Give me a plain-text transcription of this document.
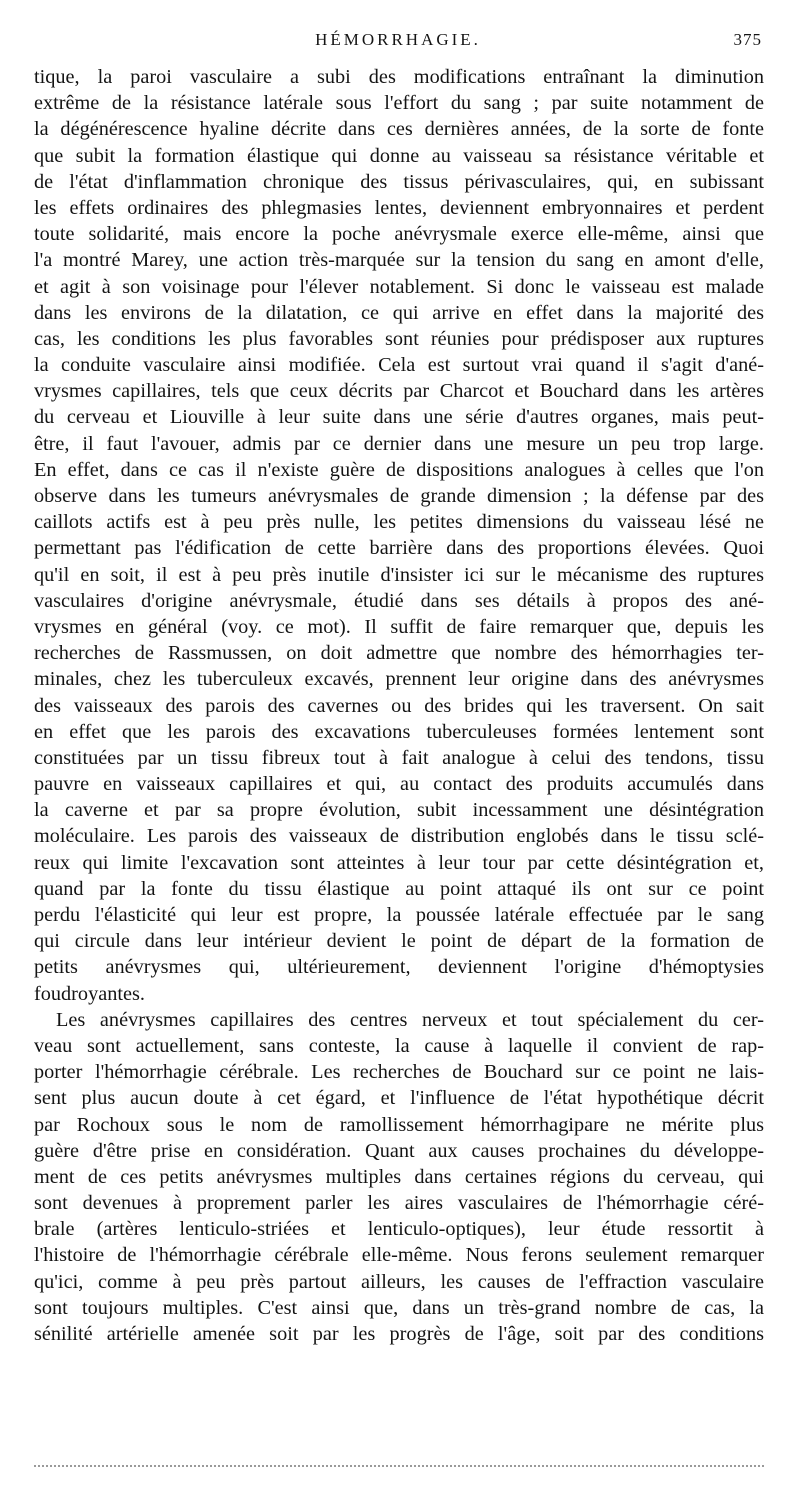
HÉMORRHAGIE.	375
tique, la paroi vasculaire a subi des modifications entraînant la diminution
extrême de la résistance latérale sous l'effort du sang ; par suite notamment de
la dégénérescence hyaline décrite dans ces dernières années, de la sorte de fonte
que subit la formation élastique qui donne au vaisseau sa résistance véritable et
de l'état d'inflammation chronique des tissus périvasculaires, qui, en subissant
les effets ordinaires des phlegmasies lentes, deviennent embryonnaires et perdent
toute solidarité, mais encore la poche anévrysmale exerce elle-même, ainsi que
l'a montré Marey, une action très-marquée sur la tension du sang en amont d'elle,
et agit à son voisinage pour l'élever notablement. Si donc le vaisseau est malade
dans les environs de la dilatation, ce qui arrive en effet dans la majorité des
cas, les conditions les plus favorables sont réunies pour prédisposer aux ruptures
la conduite vasculaire ainsi modifiée. Cela est surtout vrai quand il s'agit d'ané-
vrysmes capillaires, tels que ceux décrits par Charcot et Bouchard dans les artères
du cerveau et Liouville à leur suite dans une série d'autres organes, mais peut-
être, il faut l'avouer, admis par ce dernier dans une mesure un peu trop large.
En effet, dans ce cas il n'existe guère de dispositions analogues à celles que l'on
observe dans les tumeurs anévrysmales de grande dimension ; la défense par des
caillots actifs est à peu près nulle, les petites dimensions du vaisseau lésé ne
permettant pas l'édification de cette barrière dans des proportions élevées. Quoi
qu'il en soit, il est à peu près inutile d'insister ici sur le mécanisme des ruptures
vasculaires d'origine anévrysmale, étudié dans ses détails à propos des ané-
vrysmes en général (voy. ce mot). Il suffit de faire remarquer que, depuis les
recherches de Rassmussen, on doit admettre que nombre des hémorrhagies ter-
minales, chez les tuberculeux excavés, prennent leur origine dans des anévrysmes
des vaisseaux des parois des cavernes ou des brides qui les traversent. On sait
en effet que les parois des excavations tuberculeuses formées lentement sont
constituées par un tissu fibreux tout à fait analogue à celui des tendons, tissu
pauvre en vaisseaux capillaires et qui, au contact des produits accumulés dans
la caverne et par sa propre évolution, subit incessamment une désintégration
moléculaire. Les parois des vaisseaux de distribution englobés dans le tissu sclé-
reux qui limite l'excavation sont atteintes à leur tour par cette désintégration et,
quand par la fonte du tissu élastique au point attaqué ils ont sur ce point
perdu l'élasticité qui leur est propre, la poussée latérale effectuée par le sang
qui circule dans leur intérieur devient le point de départ de la formation de
petits anévrysmes qui, ultérieurement, deviennent l'origine d'hémoptysies
foudroyantes.
Les anévrysmes capillaires des centres nerveux et tout spécialement du cer-
veau sont actuellement, sans conteste, la cause à laquelle il convient de rap-
porter l'hémorrhagie cérébrale. Les recherches de Bouchard sur ce point ne lais-
sent plus aucun doute à cet égard, et l'influence de l'état hypothétique décrit
par Rochoux sous le nom de ramollissement hémorrhagipare ne mérite plus
guère d'être prise en considération. Quant aux causes prochaines du développe-
ment de ces petits anévrysmes multiples dans certaines régions du cerveau, qui
sont devenues à proprement parler les aires vasculaires de l'hémorrhagie céré-
brale (artères lenticulo-striées et lenticulo-optiques), leur étude ressortit à
l'histoire de l'hémorrhagie cérébrale elle-même. Nous ferons seulement remarquer
qu'ici, comme à peu près partout ailleurs, les causes de l'effraction vasculaire
sont toujours multiples. C'est ainsi que, dans un très-grand nombre de cas, la
sénilité artérielle amenée soit par les progrès de l'âge, soit par des conditions
